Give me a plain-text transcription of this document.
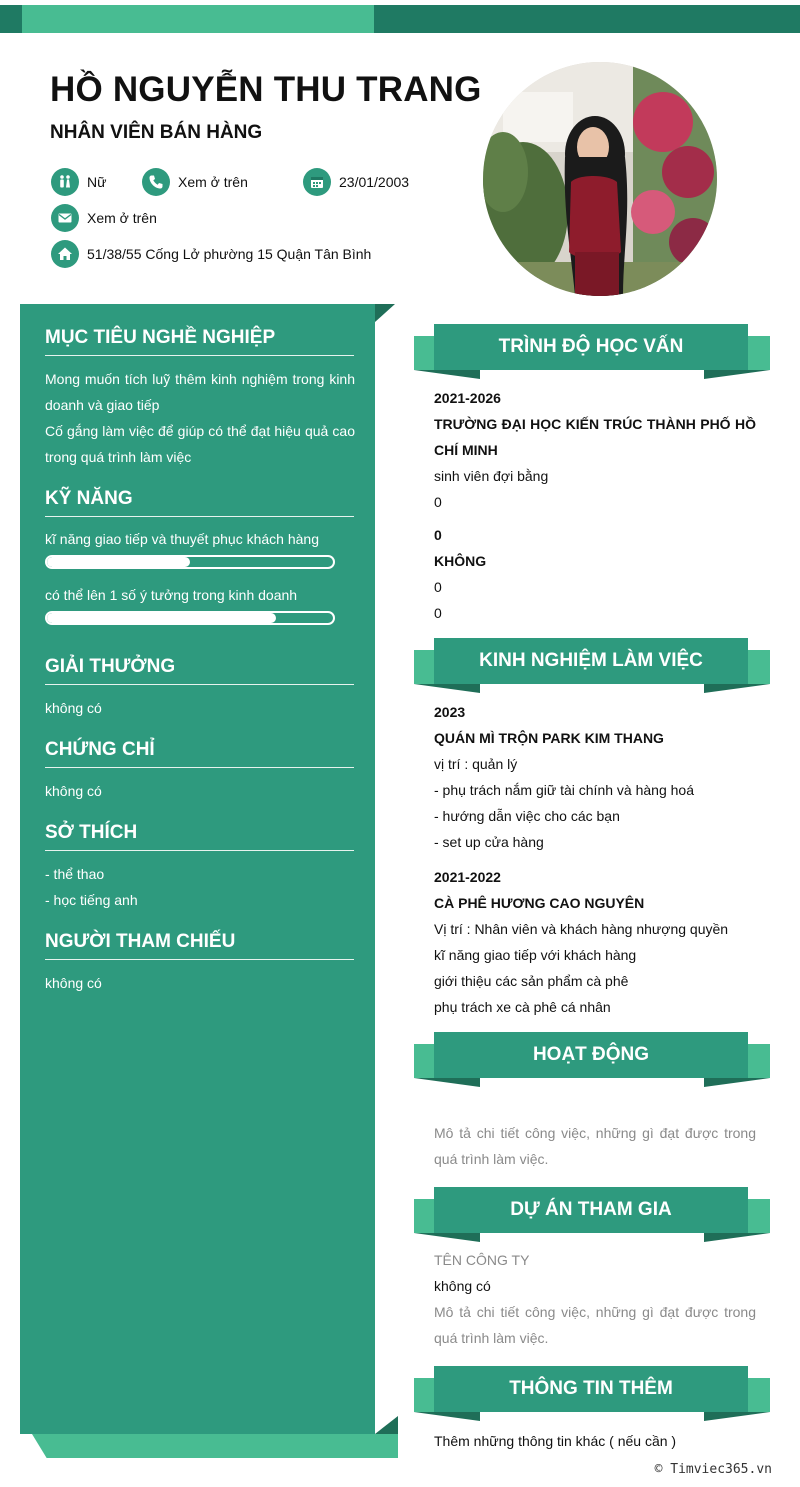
HỒ NGUYỄN THU TRANG
NHÂN VIÊN BÁN HÀNG
Nữ	Xem ở trên	23/01/2003
Xem ở trên
51/38/55 Cống Lở phường 15 Quận Tân Bình
MỤC TIÊU NGHỀ NGHIỆP

Mong muốn tích luỹ thêm kinh nghiệm trong kinh doanh và giao tiếp

Cố gắng làm việc để giúp có thể đạt hiệu quả cao trong quá trình làm việc

KỸ NĂNG
kĩ năng giao tiếp và thuyết phục khách hàng
có thể lên 1 số ý tưởng trong kinh doanh
GIẢI THƯỞNG
không có
CHỨNG CHỈ
không có
SỞ THÍCH

- thể thao

- học tiếng anh

NGƯỜI THAM CHIẾU
không có
TRÌNH ĐỘ HỌC VẤN

2021-2026

TRƯỜNG ĐẠI HỌC KIẾN TRÚC THÀNH PHỐ HỒ CHÍ MINH

sinh viên đợi bằng

0

0

KHÔNG

0

0

KINH NGHIỆM LÀM VIỆC

2023

QUÁN MÌ TRỘN PARK KIM THANG

vị trí : quản lý

- phụ trách nắm giữ tài chính và hàng hoá

- hướng dẫn việc cho các bạn

- set up cửa hàng

2021-2022

CÀ PHÊ HƯƠNG CAO NGUYÊN

Vị trí : Nhân viên và khách hàng nhượng quyền

kĩ năng giao tiếp với khách hàng

giới thiệu các sản phẩm cà phê

phụ trách xe cà phê cá nhân

HOẠT ĐỘNG

Mô tả chi tiết công việc, những gì đạt được trong quá trình làm việc.

DỰ ÁN THAM GIA

TÊN CÔNG TY

không có

Mô tả chi tiết công việc, những gì đạt được trong quá trình làm việc.

THÔNG TIN THÊM

Thêm những thông tin khác ( nếu cần )

© Timviec365.vn
